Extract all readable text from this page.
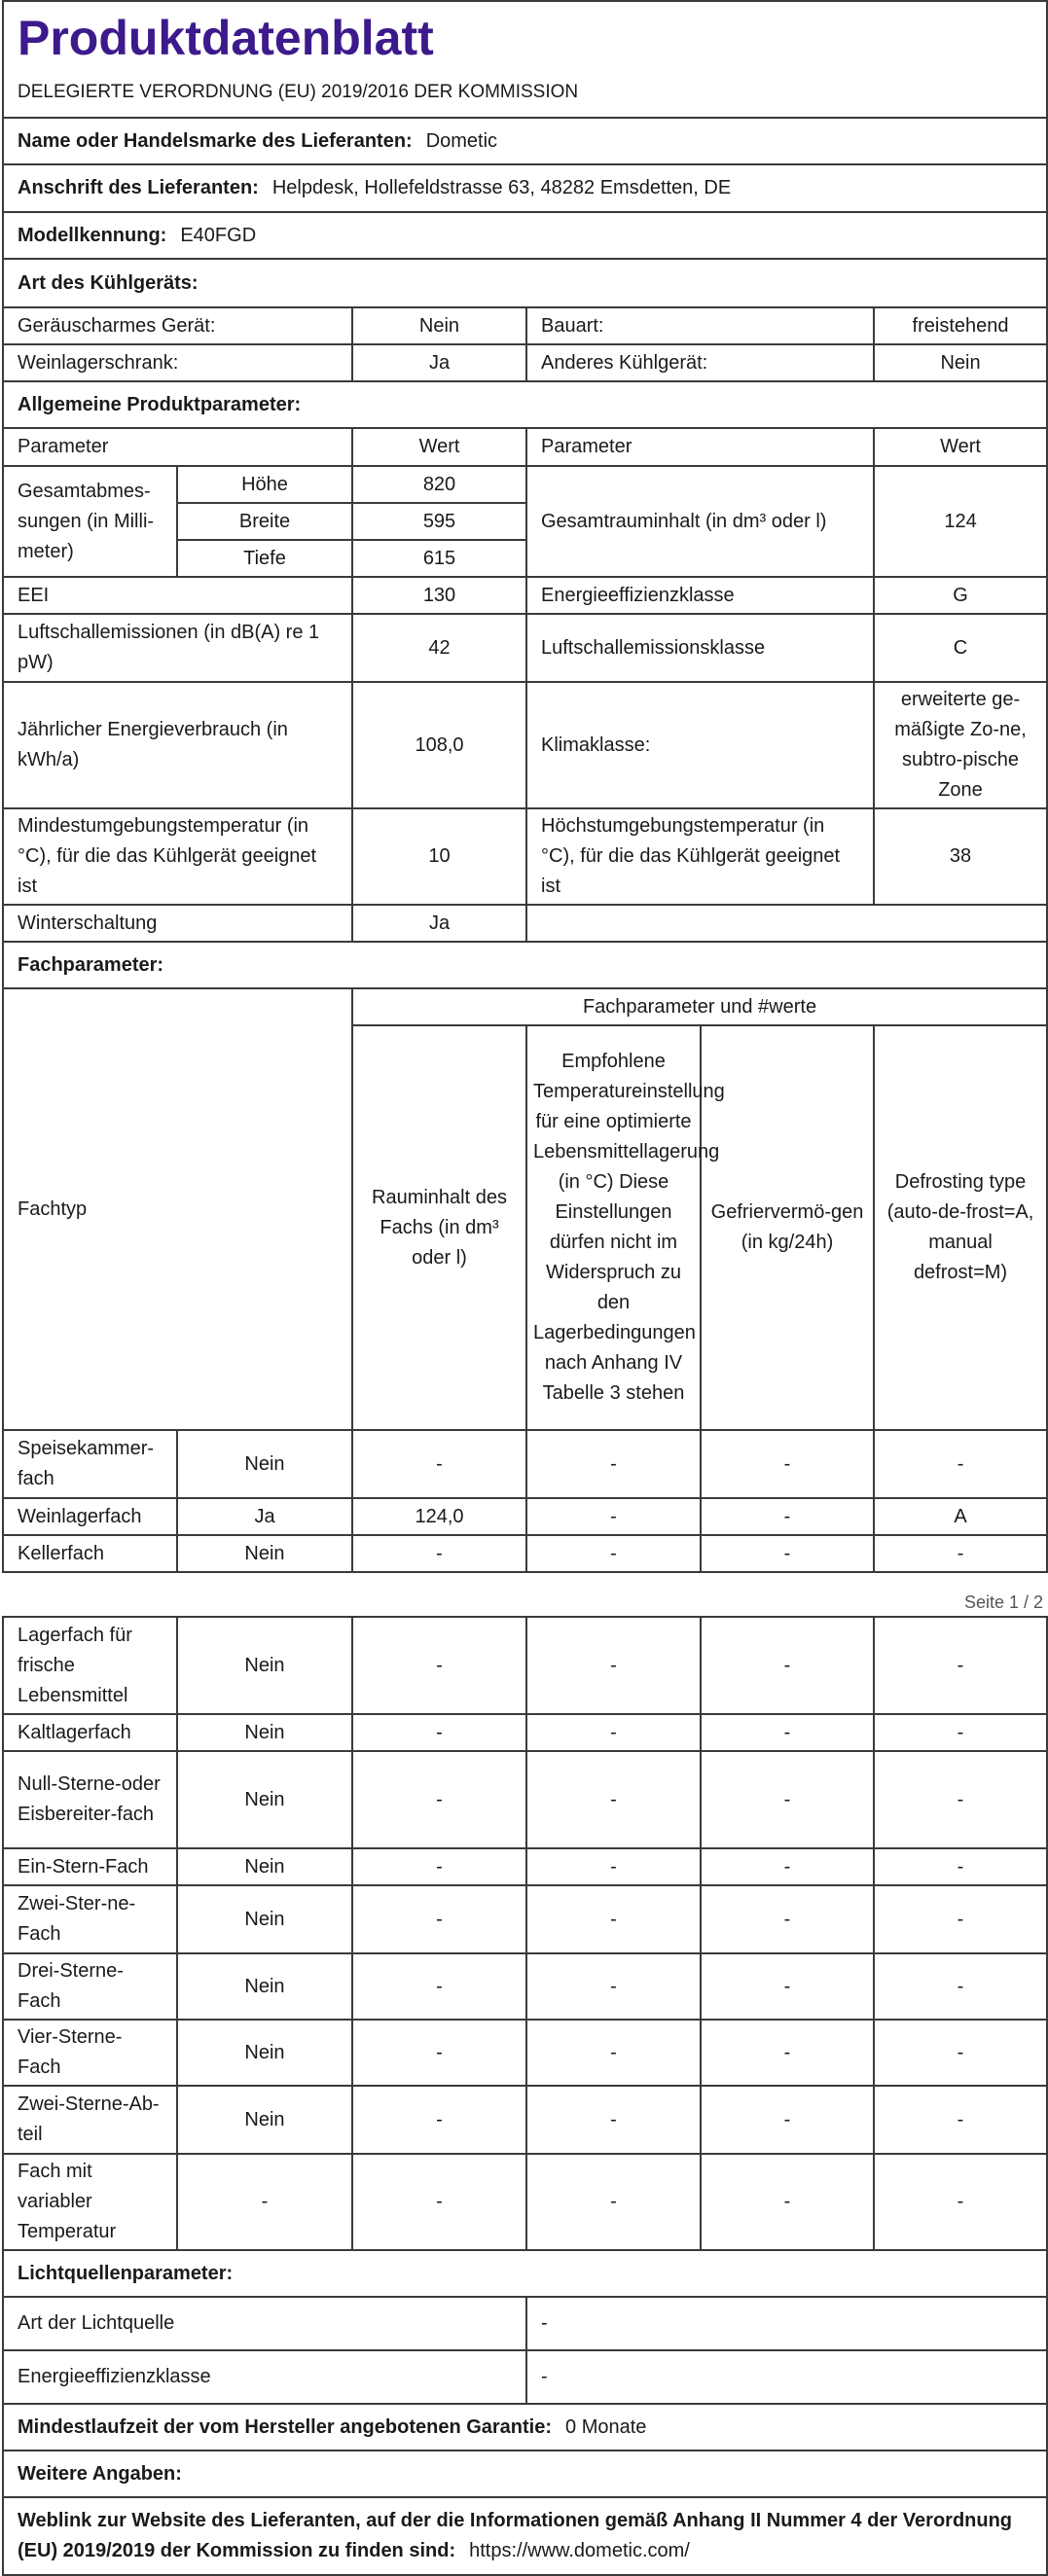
Produktdatenblatt
DELEGIERTE VERORDNUNG (EU) 2019/2016 DER KOMMISSION					

Name oder Handelsmarke des Lieferanten: Dometic					
Anschrift des Lieferanten: Helpdesk, Hollefeldstrasse 63, 48282 Emsdetten, DE					
Modellkennung: E40FGD					
Art des Kühlgeräts:					
Geräuscharmes Gerät:		Nein	Bauart:		freistehend
Weinlagerschrank:		Ja	Anderes Kühlgerät:		Nein
Allgemeine Produktparameter:					
Parameter		Wert	Parameter		Wert
Gesamtabmes-sungen (in Milli-meter)	Höhe	820	Gesamtrauminhalt (in dm³ oder l)		124
	Breite	595			
	Tiefe	615			
EEI		130	Energieeffizienzklasse		G
Luftschallemissionen (in dB(A) re 1 pW)		42	Luftschallemissionsklasse		C
Jährlicher Energieverbrauch (in kWh/a)		108,0	Klimaklasse:		erweiterte ge-mäßigte Zo-ne, subtro-pische Zone
Mindestumgebungstemperatur (in °C), für die das Kühlgerät geeignet ist		10	Höchstumgebungstemperatur (in °C), für die das Kühlgerät geeignet ist		38
Winterschaltung		Ja			
Fachparameter:					
Fachtyp		Fachparameter und #werte			
		Rauminhalt des Fachs (in dm³ oder l)	Empfohlene Temperatureinstellung für eine optimierte Lebensmittellagerung (in °C) Diese Einstellungen dürfen nicht im Widerspruch zu den Lagerbedingungen nach Anhang IV Tabelle 3 stehen	Gefriervermö-gen (in kg/24h)	Defrosting type (auto-de-frost=A, manual defrost=M)
Speisekammer-fach	Nein	-	-	-	-
Weinlagerfach	Ja	124,0	-	-	A
Kellerfach	Nein	-	-	-	-
Seite 1 / 2
Lagerfach für frische Lebensmittel	Nein	-	-	-	-
Kaltlagerfach	Nein	-	-	-	-
Null-Sterne-oder Eisbereiter-fach	Nein	-	-	-	-
Ein-Stern-Fach	Nein	-	-	-	-
Zwei-Ster-ne-Fach	Nein	-	-	-	-
Drei-Sterne-Fach	Nein	-	-	-	-
Vier-Sterne-Fach	Nein	-	-	-	-
Zwei-Sterne-Ab-teil	Nein	-	-	-	-
Fach mit variabler Temperatur	-	-	-	-	-
Lichtquellenparameter:					
Art der Lichtquelle			-		
Energieeffizienzklasse			-		
Mindestlaufzeit der vom Hersteller angebotenen Garantie: 0 Monate					
Weitere Angaben:					
Weblink zur Website des Lieferanten, auf der die Informationen gemäß Anhang II Nummer 4 der Verordnung (EU) 2019/2019 der Kommission zu finden sind: https://www.dometic.com/					
